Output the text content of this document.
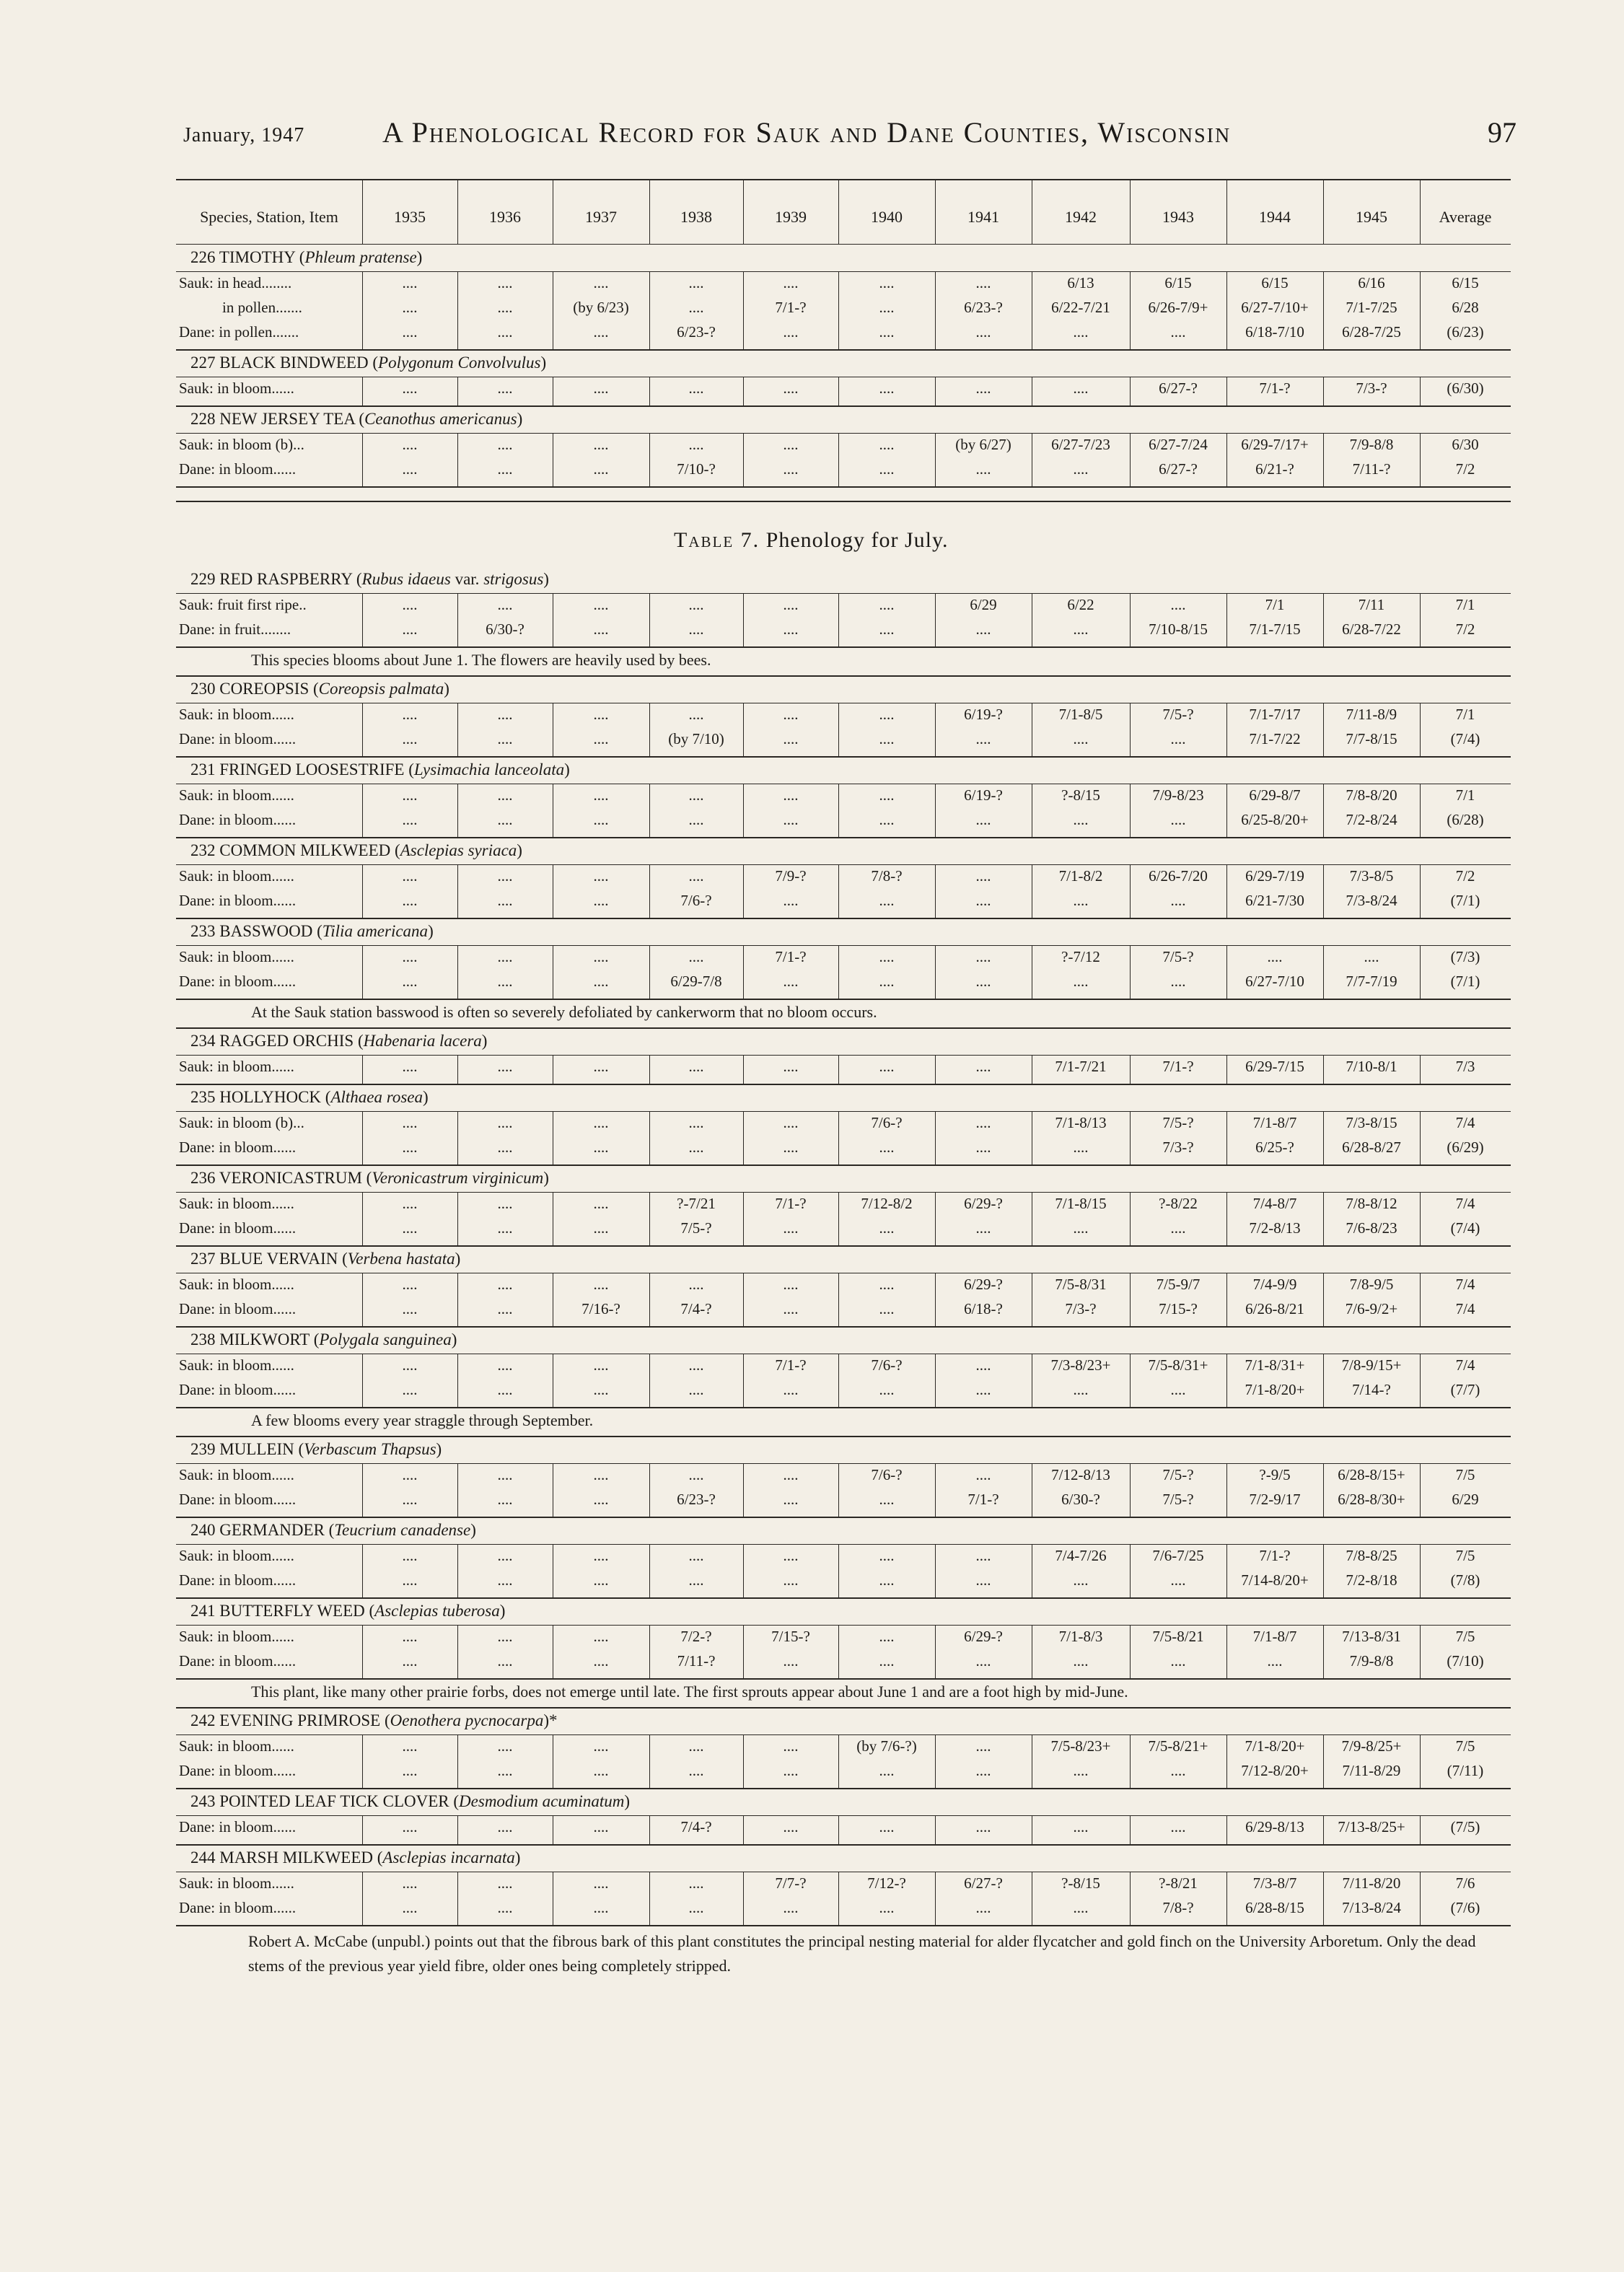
January, 1947	A Phenological Record for Sauk and Dane Counties, Wisconsin	97
Species, Station, Item	1935	1936	1937	1938	1939	1940	1941	1942	1943	1944	1945	Average
226 TIMOTHY (Phleum pratense)
Sauk: in head........	....	....	....	....	....	....	....	6/13	6/15	6/15	6/16	6/15
in pollen.......	....	....	(by 6/23)	....	7/1-?	....	6/23-?	6/22-7/21	6/26-7/9+	6/27-7/10+	7/1-7/25	6/28
Dane: in pollen.......	....	....	....	6/23-?	....	....	....	....	....	6/18-7/10	6/28-7/25	(6/23)
227 BLACK BINDWEED (Polygonum Convolvulus)
Sauk: in bloom......	....	....	....	....	....	....	....	....	6/27-?	7/1-?	7/3-?	(6/30)
228 NEW JERSEY TEA (Ceanothus americanus)
Sauk: in bloom (b)...	....	....	....	....	....	....	(by 6/27)	6/27-7/23	6/27-7/24	6/29-7/17+	7/9-8/8	6/30
Dane: in bloom......	....	....	....	7/10-?	....	....	....	....	6/27-?	6/21-?	7/11-?	7/2
Table 7. Phenology for July.
229 RED RASPBERRY (Rubus idaeus var. strigosus)
Sauk: fruit first ripe..	....	....	....	....	....	....	6/29	6/22	....	7/1	7/11	7/1
Dane: in fruit........	....	6/30-?	....	....	....	....	....	....	7/10-8/15	7/1-7/15	6/28-7/22	7/2
This species blooms about June 1. The flowers are heavily used by bees.
230 COREOPSIS (Coreopsis palmata)
Sauk: in bloom......	....	....	....	....	....	....	6/19-?	7/1-8/5	7/5-?	7/1-7/17	7/11-8/9	7/1
Dane: in bloom......	....	....	....	(by 7/10)	....	....	....	....	....	7/1-7/22	7/7-8/15	(7/4)
231 FRINGED LOOSESTRIFE (Lysimachia lanceolata)
Sauk: in bloom......	....	....	....	....	....	....	6/19-?	?-8/15	7/9-8/23	6/29-8/7	7/8-8/20	7/1
Dane: in bloom......	....	....	....	....	....	....	....	....	....	6/25-8/20+	7/2-8/24	(6/28)
232 COMMON MILKWEED (Asclepias syriaca)
Sauk: in bloom......	....	....	....	....	7/9-?	7/8-?	....	7/1-8/2	6/26-7/20	6/29-7/19	7/3-8/5	7/2
Dane: in bloom......	....	....	....	7/6-?	....	....	....	....	....	6/21-7/30	7/3-8/24	(7/1)
233 BASSWOOD (Tilia americana)
Sauk: in bloom......	....	....	....	....	7/1-?	....	....	?-7/12	7/5-?	....	....	(7/3)
Dane: in bloom......	....	....	....	6/29-7/8	....	....	....	....	....	6/27-7/10	7/7-7/19	(7/1)
At the Sauk station basswood is often so severely defoliated by cankerworm that no bloom occurs.
234 RAGGED ORCHIS (Habenaria lacera)
Sauk: in bloom......	....	....	....	....	....	....	....	7/1-7/21	7/1-?	6/29-7/15	7/10-8/1	7/3
235 HOLLYHOCK (Althaea rosea)
Sauk: in bloom (b)...	....	....	....	....	....	7/6-?	....	7/1-8/13	7/5-?	7/1-8/7	7/3-8/15	7/4
Dane: in bloom......	....	....	....	....	....	....	....	....	7/3-?	6/25-?	6/28-8/27	(6/29)
236 VERONICASTRUM (Veronicastrum virginicum)
Sauk: in bloom......	....	....	....	?-7/21	7/1-?	7/12-8/2	6/29-?	7/1-8/15	?-8/22	7/4-8/7	7/8-8/12	7/4
Dane: in bloom......	....	....	....	7/5-?	....	....	....	....	....	7/2-8/13	7/6-8/23	(7/4)
237 BLUE VERVAIN (Verbena hastata)
Sauk: in bloom......	....	....	....	....	....	....	6/29-?	7/5-8/31	7/5-9/7	7/4-9/9	7/8-9/5	7/4
Dane: in bloom......	....	....	7/16-?	7/4-?	....	....	6/18-?	7/3-?	7/15-?	6/26-8/21	7/6-9/2+	7/4
238 MILKWORT (Polygala sanguinea)
Sauk: in bloom......	....	....	....	....	7/1-?	7/6-?	....	7/3-8/23+	7/5-8/31+	7/1-8/31+	7/8-9/15+	7/4
Dane: in bloom......	....	....	....	....	....	....	....	....	....	7/1-8/20+	7/14-?	(7/7)
A few blooms every year straggle through September.
239 MULLEIN (Verbascum Thapsus)
Sauk: in bloom......	....	....	....	....	....	7/6-?	....	7/12-8/13	7/5-?	?-9/5	6/28-8/15+	7/5
Dane: in bloom......	....	....	....	6/23-?	....	....	7/1-?	6/30-?	7/5-?	7/2-9/17	6/28-8/30+	6/29
240 GERMANDER (Teucrium canadense)
Sauk: in bloom......	....	....	....	....	....	....	....	7/4-7/26	7/6-7/25	7/1-?	7/8-8/25	7/5
Dane: in bloom......	....	....	....	....	....	....	....	....	....	7/14-8/20+	7/2-8/18	(7/8)
241 BUTTERFLY WEED (Asclepias tuberosa)
Sauk: in bloom......	....	....	....	7/2-?	7/15-?	....	6/29-?	7/1-8/3	7/5-8/21	7/1-8/7	7/13-8/31	7/5
Dane: in bloom......	....	....	....	7/11-?	....	....	....	....	....	....	7/9-8/8	(7/10)
This plant, like many other prairie forbs, does not emerge until late. The first sprouts appear about June 1 and are a foot high by mid-June.
242 EVENING PRIMROSE (Oenothera pycnocarpa)*
Sauk: in bloom......	....	....	....	....	....	(by 7/6-?)	....	7/5-8/23+	7/5-8/21+	7/1-8/20+	7/9-8/25+	7/5
Dane: in bloom......	....	....	....	....	....	....	....	....	....	7/12-8/20+	7/11-8/29	(7/11)
243 POINTED LEAF TICK CLOVER (Desmodium acuminatum)
Dane: in bloom......	....	....	....	7/4-?	....	....	....	....	....	6/29-8/13	7/13-8/25+	(7/5)
244 MARSH MILKWEED (Asclepias incarnata)
Sauk: in bloom......	....	....	....	....	7/7-?	7/12-?	6/27-?	?-8/15	?-8/21	7/3-8/7	7/11-8/20	7/6
Dane: in bloom......	....	....	....	....	....	....	....	....	7/8-?	6/28-8/15	7/13-8/24	(7/6)
Robert A. McCabe (unpubl.) points out that the fibrous bark of this plant constitutes the principal nesting material for alder flycatcher and gold finch on the University Arboretum. Only the dead stems of the previous year yield fibre, older ones being completely stripped.
